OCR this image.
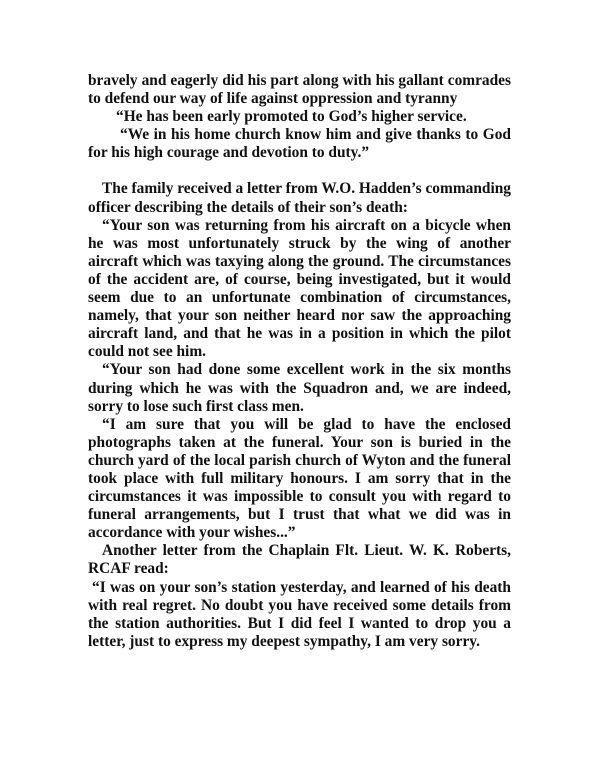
bravely and eagerly did his part along with his gallant comrades to defend our way of life against oppression and tyranny

“He has been early promoted to God’s higher service.

“We in his home church know him and give thanks to God for his high courage and devotion to duty.”

The family received a letter from W.O. Hadden’s commanding officer describing the details of their son’s death:

“Your son was returning from his aircraft on a bicycle when he was most unfortunately struck by the wing of another aircraft which was taxying along the ground. The circumstances of the accident are, of course, being investigated, but it would seem due to an unfortunate combination of circumstances, namely, that your son neither heard nor saw the approaching aircraft land, and that he was in a position in which the pilot could not see him.

“Your son had done some excellent work in the six months during which he was with the Squadron and, we are indeed, sorry to lose such first class men.

“I am sure that you will be glad to have the enclosed photographs taken at the funeral. Your son is buried in the church yard of the local parish church of Wyton and the funeral took place with full military honours. I am sorry that in the circumstances it was impossible to consult you with regard to funeral arrangements, but I trust that what we did was in accordance with your wishes...”

Another letter from the Chaplain Flt. Lieut. W. K. Roberts, RCAF read:

“I was on your son’s station yesterday, and learned of his death with real regret. No doubt you have received some details from the station authorities. But I did feel I wanted to drop you a letter, just to express my deepest sympathy, I am very sorry.
